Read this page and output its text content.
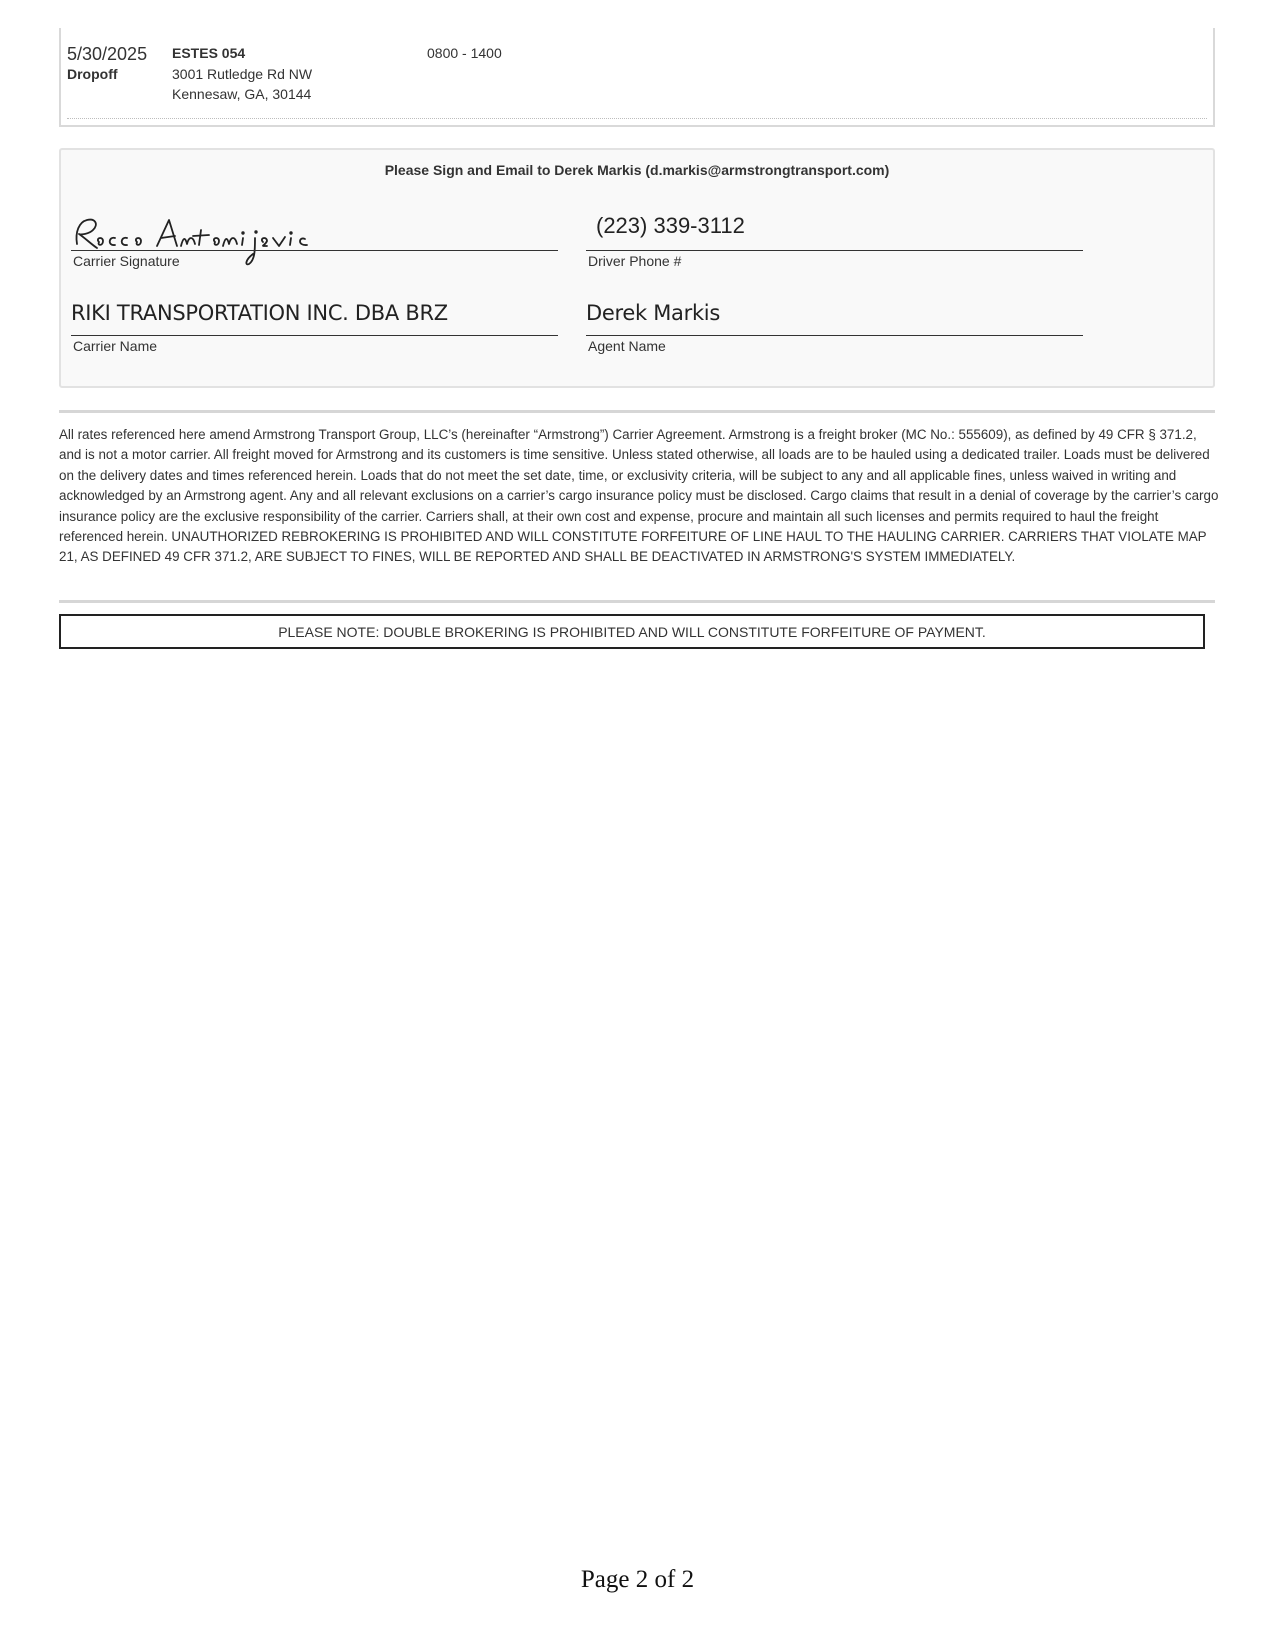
5/30/2025
Dropoff
ESTES 054
3001 Rutledge Rd NW
Kennesaw, GA, 30144
0800 - 1400
Please Sign and Email to Derek Markis (d.markis@armstrongtransport.com)
Carrier Signature
(223) 339-3112
Driver Phone #
RIKI TRANSPORTATION INC. DBA BRZ
Carrier Name
Derek Markis
Agent Name

All rates referenced here amend Armstrong Transport Group, LLC’s (hereinafter “Armstrong”) Carrier Agreement. Armstrong is a freight broker (MC No.: 555609), as defined by 49 CFR § 371.2, and is not a motor carrier. All freight moved for Armstrong and its customers is time sensitive. Unless stated otherwise, all loads are to be hauled using a dedicated trailer. Loads must be delivered on the delivery dates and times referenced herein. Loads that do not meet the set date, time, or exclusivity criteria, will be subject to any and all applicable fines, unless waived in writing and acknowledged by an Armstrong agent. Any and all relevant exclusions on a carrier’s cargo insurance policy must be disclosed. Cargo claims that result in a denial of coverage by the carrier’s cargo insurance policy are the exclusive responsibility of the carrier. Carriers shall, at their own cost and expense, procure and maintain all such licenses and permits required to haul the freight referenced herein. UNAUTHORIZED REBROKERING IS PROHIBITED AND WILL CONSTITUTE FORFEITURE OF LINE HAUL TO THE HAULING CARRIER. CARRIERS THAT VIOLATE MAP 21, AS DEFINED 49 CFR 371.2, ARE SUBJECT TO FINES, WILL BE REPORTED AND SHALL BE DEACTIVATED IN ARMSTRONG'S SYSTEM IMMEDIATELY.

PLEASE NOTE: DOUBLE BROKERING IS PROHIBITED AND WILL CONSTITUTE FORFEITURE OF PAYMENT.
Page 2 of 2
